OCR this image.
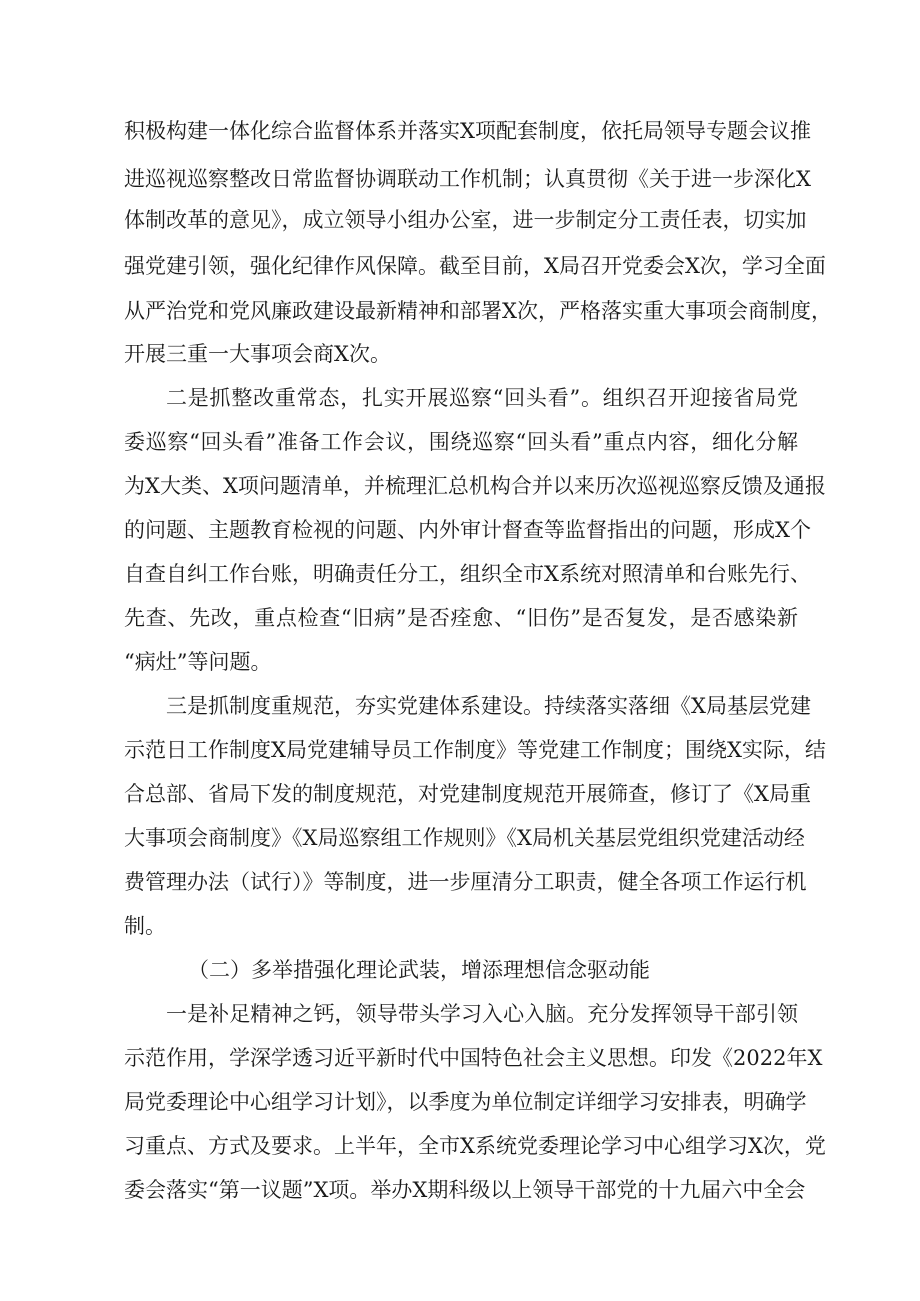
积极构建一体化综合监督体系并落实X项配套制度，依托局领导专题会议推
进巡视巡察整改日常监督协调联动工作机制；认真贯彻《关于进一步深化X
体制改革的意见》，成立领导小组办公室，进一步制定分工责任表，切实加
强党建引领，强化纪律作风保障。截至目前，X局召开党委会X次，学习全面
从严治党和党风廉政建设最新精神和部署X次，严格落实重大事项会商制度，
开展三重一大事项会商X次。
二是抓整改重常态，扎实开展巡察“回头看”。组织召开迎接省局党
委巡察“回头看”准备工作会议，围绕巡察“回头看”重点内容，细化分解
为X大类、X项问题清单，并梳理汇总机构合并以来历次巡视巡察反馈及通报
的问题、主题教育检视的问题、内外审计督查等监督指出的问题，形成X个
自查自纠工作台账，明确责任分工，组织全市X系统对照清单和台账先行、
先查、先改，重点检查“旧病”是否痊愈、“旧伤”是否复发，是否感染新
“病灶”等问题。
三是抓制度重规范，夯实党建体系建设。持续落实落细《X局基层党建
示范日工作制度X局党建辅导员工作制度》等党建工作制度；围绕X实际，结
合总部、省局下发的制度规范，对党建制度规范开展筛查，修订了《X局重
大事项会商制度》《X局巡察组工作规则》《X局机关基层党组织党建活动经
费管理办法（试行）》等制度，进一步厘清分工职责，健全各项工作运行机
制。
（二）多举措强化理论武装，增添理想信念驱动能
一是补足精神之钙，领导带头学习入心入脑。充分发挥领导干部引领
示范作用，学深学透习近平新时代中国特色社会主义思想。印发《2022年X
局党委理论中心组学习计划》，以季度为单位制定详细学习安排表，明确学
习重点、方式及要求。上半年，全市X系统党委理论学习中心组学习X次，党
委会落实“第一议题”X项。举办X期科级以上领导干部党的十九届六中全会
